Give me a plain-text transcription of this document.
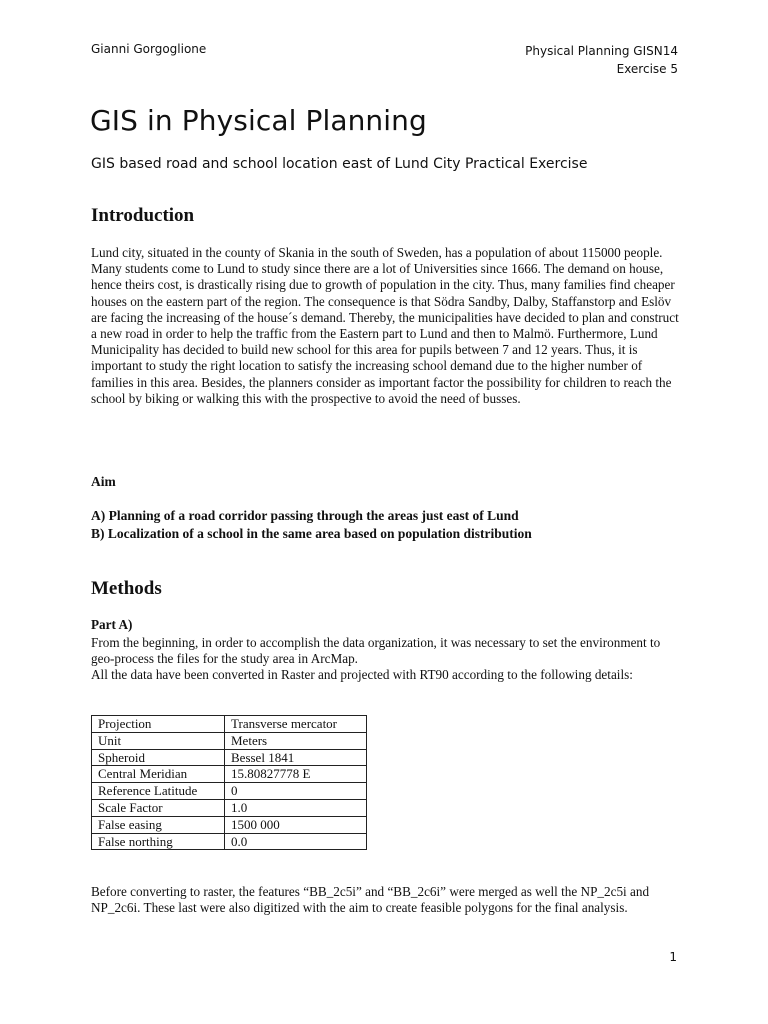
Gianni Gorgoglione	Physical Planning GISN14
Exercise 5
GIS in Physical Planning
GIS based road and school location east of Lund City Practical Exercise
Introduction

Lund city, situated in the county of Skania in the south of Sweden, has a population of about 115000 people. Many students come to Lund to study since there are a lot of Universities since 1666. The demand on house, hence theirs cost, is drastically rising due to growth of population in the city. Thus, many families find cheaper houses on the eastern part of the region. The consequence is that Södra Sandby, Dalby, Staffanstorp and Eslöv are facing the increasing of the house´s demand. Thereby, the municipalities have decided to plan and construct a new road in order to help the traffic from the Eastern part to Lund and then to Malmö. Furthermore, Lund Municipality has decided to build new school for this area for pupils between 7 and 12 years. Thus, it is important to study the right location to satisfy the increasing school demand due to the higher number of families in this area. Besides, the planners consider as important factor the possibility for children to reach the school by biking or walking this with the prospective to avoid the need of busses.

Aim
A) Planning of a road corridor passing through the areas just east of Lund
B) Localization of a school in the same area based on population distribution
Methods
Part A)
From the beginning, in order to accomplish the data organization, it was necessary to set the environment to geo-process the files for the study area in ArcMap.
All the data have been converted in Raster and projected with RT90 according to the following details:
Projection	Transverse mercator
Unit	Meters
Spheroid	Bessel 1841
Central Meridian	15.80827778 E
Reference Latitude	0
Scale Factor	1.0
False easing	1500 000
False northing	0.0

Before converting to raster, the features “BB_2c5i” and “BB_2c6i” were merged as well the NP_2c5i and NP_2c6i. These last were also digitized with the aim to create feasible polygons for the final analysis.

1
